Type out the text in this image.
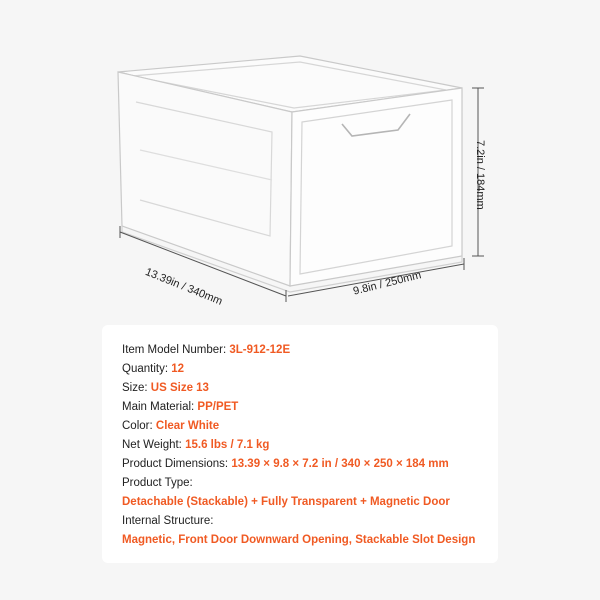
13.39in / 340mm	9.8in / 250mm
7.2in / 184mm
Item Model Number: 3L-912-12E
Quantity: 12
Size: US Size 13
Main Material: PP/PET
Color: Clear White
Net Weight: 15.6 lbs / 7.1 kg
Product Dimensions: 13.39 × 9.8 × 7.2 in / 340 × 250 × 184 mm
Product Type:
Detachable (Stackable) + Fully Transparent + Magnetic Door
Internal Structure:
Magnetic, Front Door Downward Opening, Stackable Slot Design
